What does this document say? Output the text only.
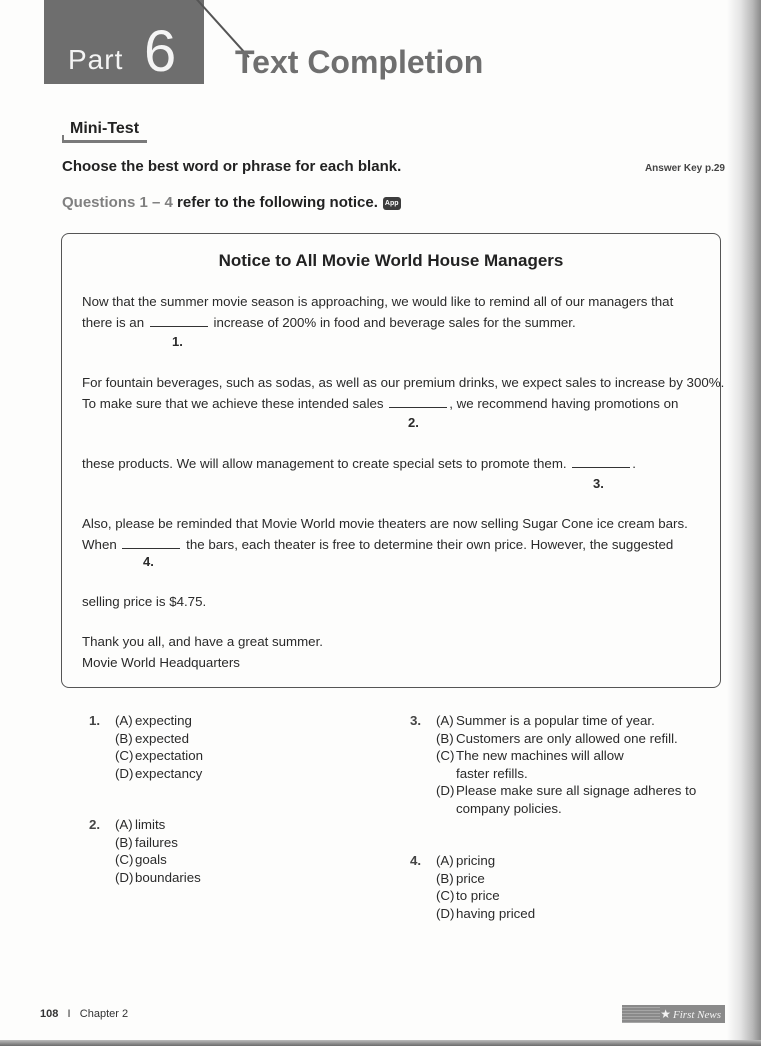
Part 6 Text Completion
Mini-Test
Choose the best word or phrase for each blank.	Answer Key p.29
Questions 1 – 4 refer to the following notice. App
Notice to All Movie World House Managers
Now that the summer movie season is approaching, we would like to remind all of our managers that
there is an	increase of 200% in food and beverage sales for the summer.
1.
For fountain beverages, such as sodas, as well as our premium drinks, we expect sales to increase by 300%.
To make sure that we achieve these intended sales	, we recommend having promotions on
2.
these products. We will allow management to create special sets to promote them.	.
3.
Also, please be reminded that Movie World movie theaters are now selling Sugar Cone ice cream bars.
When	the bars, each theater is free to determine their own price. However, the suggested
4.
selling price is $4.75.
Thank you all, and have a great summer.
Movie World Headquarters
1. (A) expecting
(B) expected
(C) expectation
(D) expectancy
2. (A) limits
(B) failures
(C) goals
(D) boundaries
3. (A) Summer is a popular time of year.
(B) Customers are only allowed one refill.
(C) The new machines will allow faster refills.
(D) Please make sure all signage adheres to company policies.
4. (A) pricing
(B) price
(C) to price
(D) having priced
108 I Chapter 2	★ First News
